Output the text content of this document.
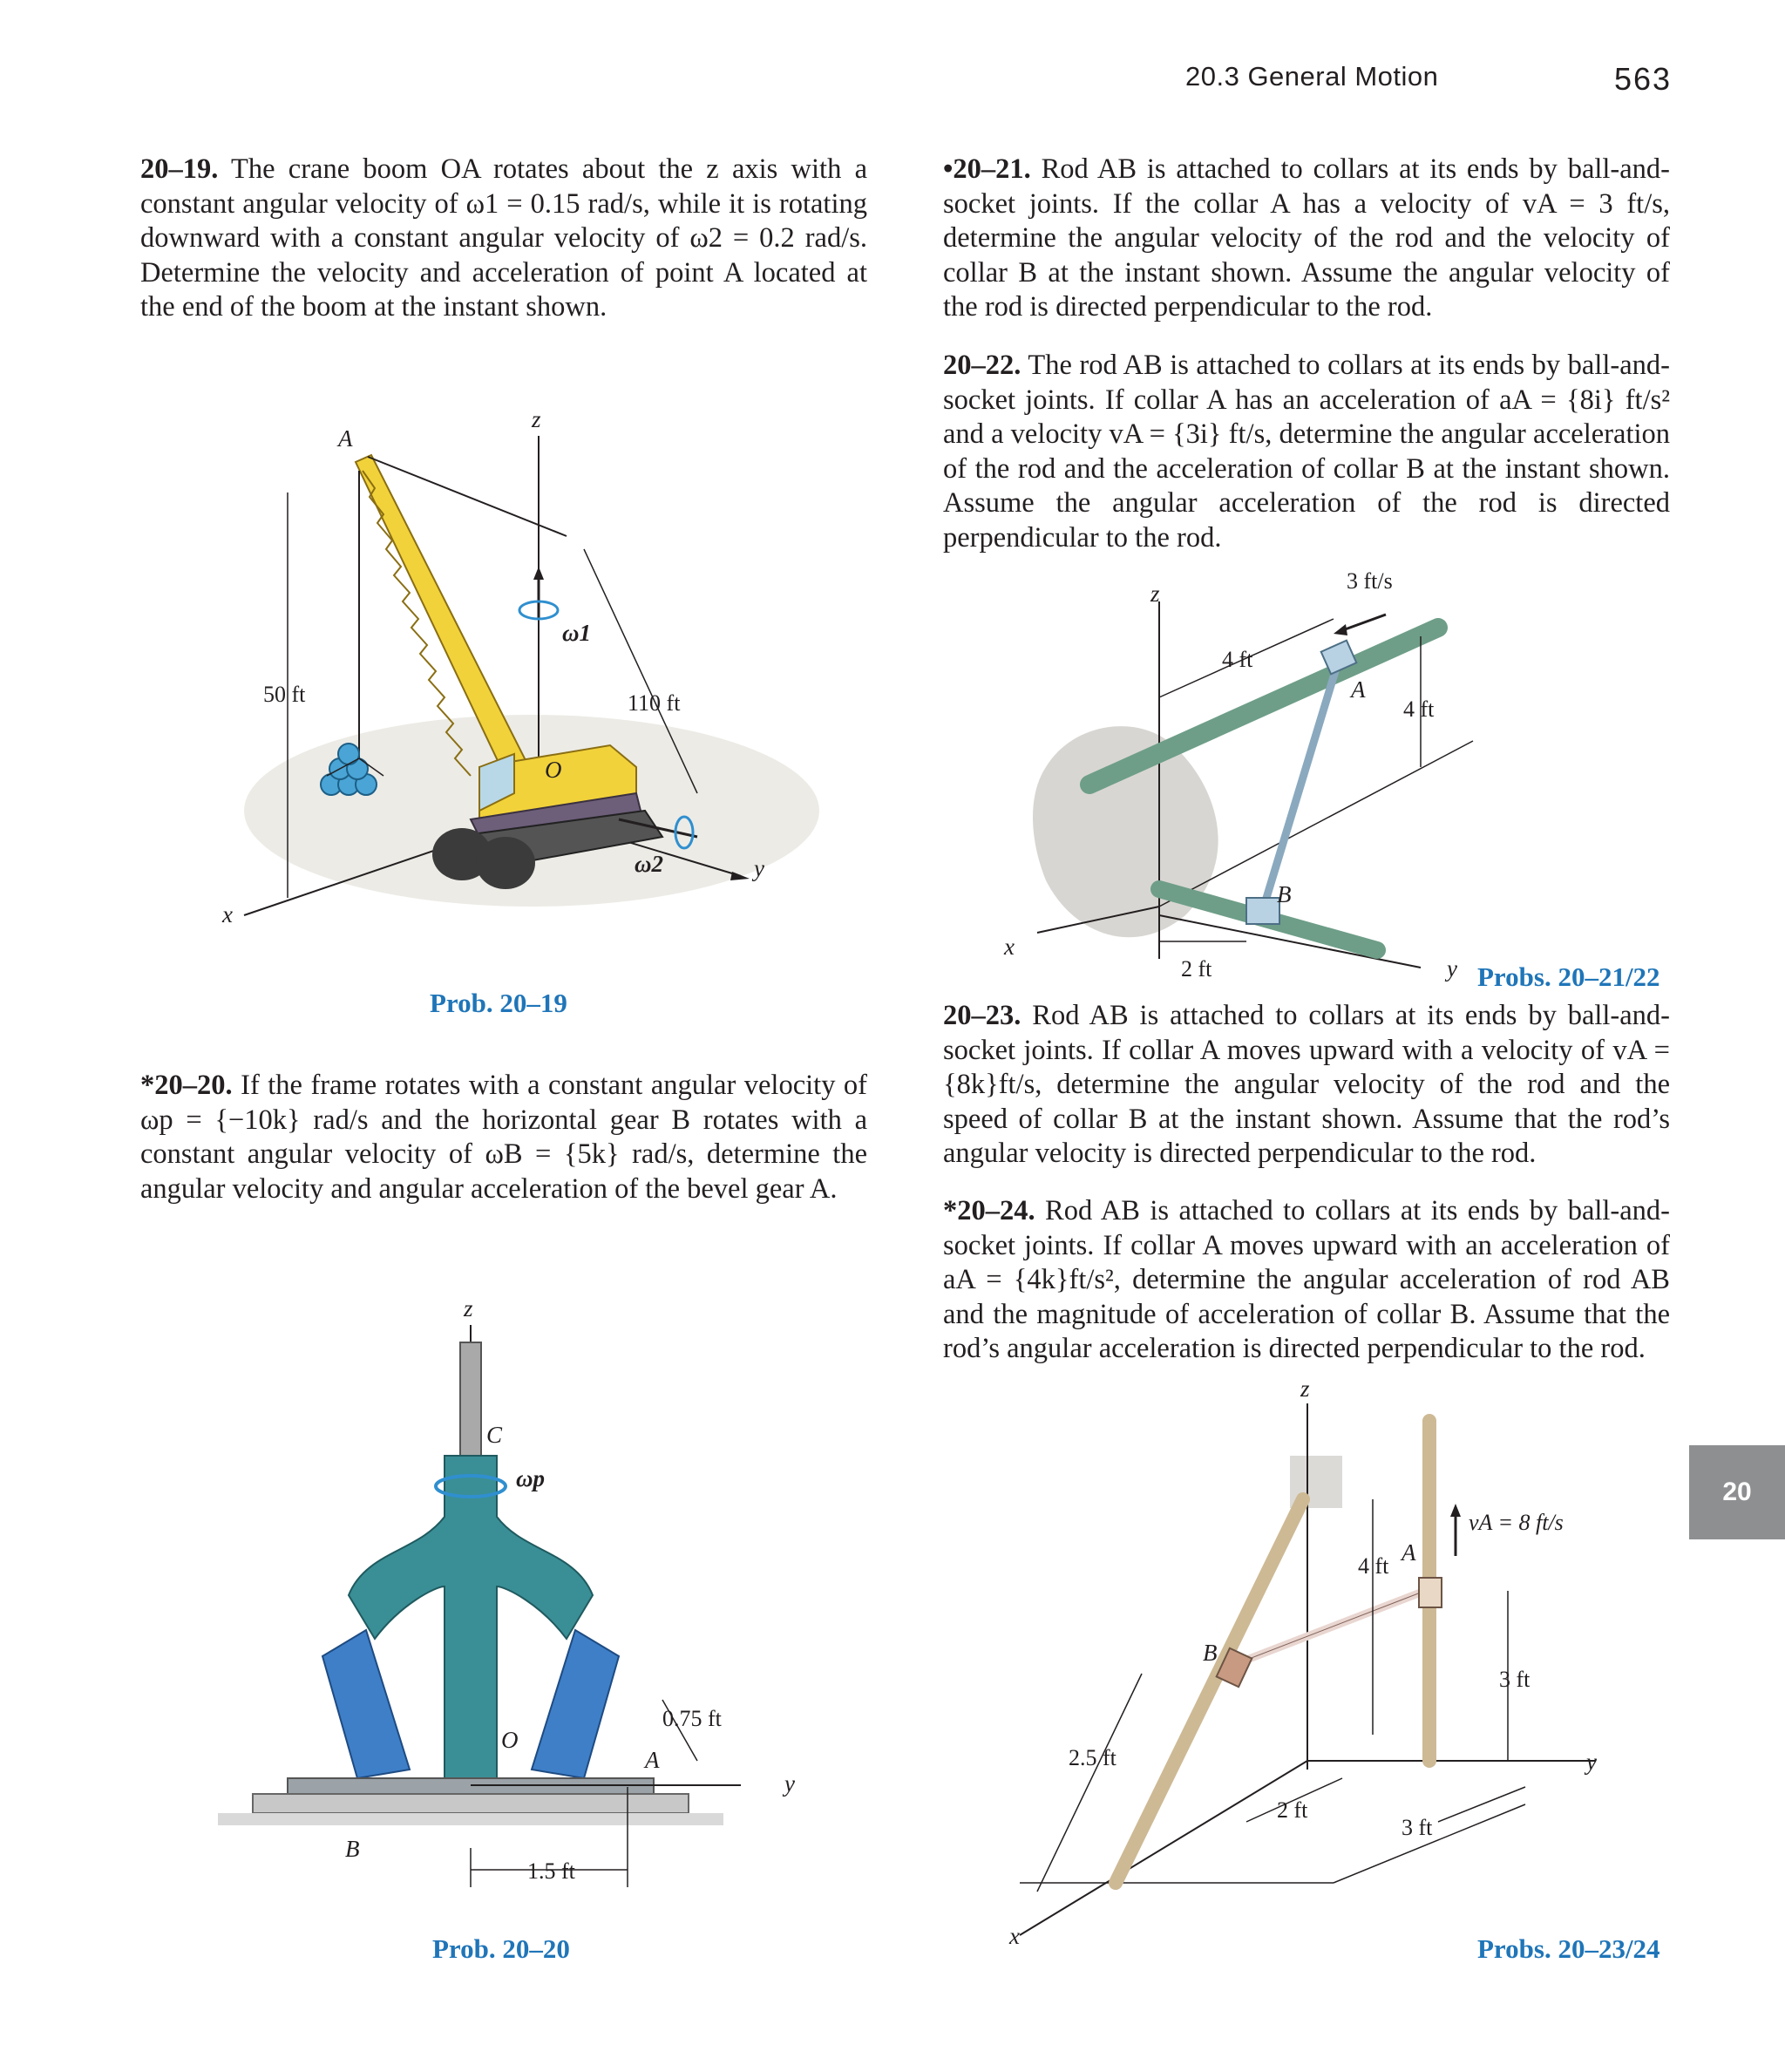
20.3 General Motion	563
20–19. The crane boom OA rotates about the z axis with a constant angular velocity of ω1 = 0.15 rad/s, while it is rotating downward with a constant angular velocity of ω2 = 0.2 rad/s. Determine the velocity and acceleration of point A located at the end of the boom at the instant shown.
*20–20. If the frame rotates with a constant angular velocity of ωp = {−10k} rad/s and the horizontal gear B rotates with a constant angular velocity of ωB = {5k} rad/s, determine the angular velocity and angular acceleration of the bevel gear A.
•20–21. Rod AB is attached to collars at its ends by ball-and-socket joints. If the collar A has a velocity of vA = 3 ft/s, determine the angular velocity of the rod and the velocity of collar B at the instant shown. Assume the angular velocity of the rod is directed perpendicular to the rod.
20–22. The rod AB is attached to collars at its ends by ball-and-socket joints. If collar A has an acceleration of aA = {8i} ft/s² and a velocity vA = {3i} ft/s, determine the angular acceleration of the rod and the acceleration of collar B at the instant shown. Assume the angular acceleration of the rod is directed perpendicular to the rod.
20–23. Rod AB is attached to collars at its ends by ball-and-socket joints. If collar A moves upward with a velocity of vA = {8k}ft/s, determine the angular velocity of the rod and the speed of collar B at the instant shown. Assume that the rod’s angular velocity is directed perpendicular to the rod.
*20–24. Rod AB is attached to collars at its ends by ball-and-socket joints. If collar A moves upward with an acceleration of aA = {4k}ft/s², determine the angular acceleration of rod AB and the magnitude of acceleration of collar B. Assume that the rod’s angular acceleration is directed perpendicular to the rod.
A
z
ω1
50 ft	110 ft
O
ω2	y
x
Prob. 20–19
z
C
ωp
0.75 ft
O
A
y
B
1.5 ft
Prob. 20–20
z	3 ft/s
4 ft
A
4 ft
B
x
2 ft	y Probs. 20–21/22
z
vA = 8 ft/s
A
4 ft
B
3 ft
2.5 ft	y
2 ft
3 ft
x	Probs. 20–23/24
20
